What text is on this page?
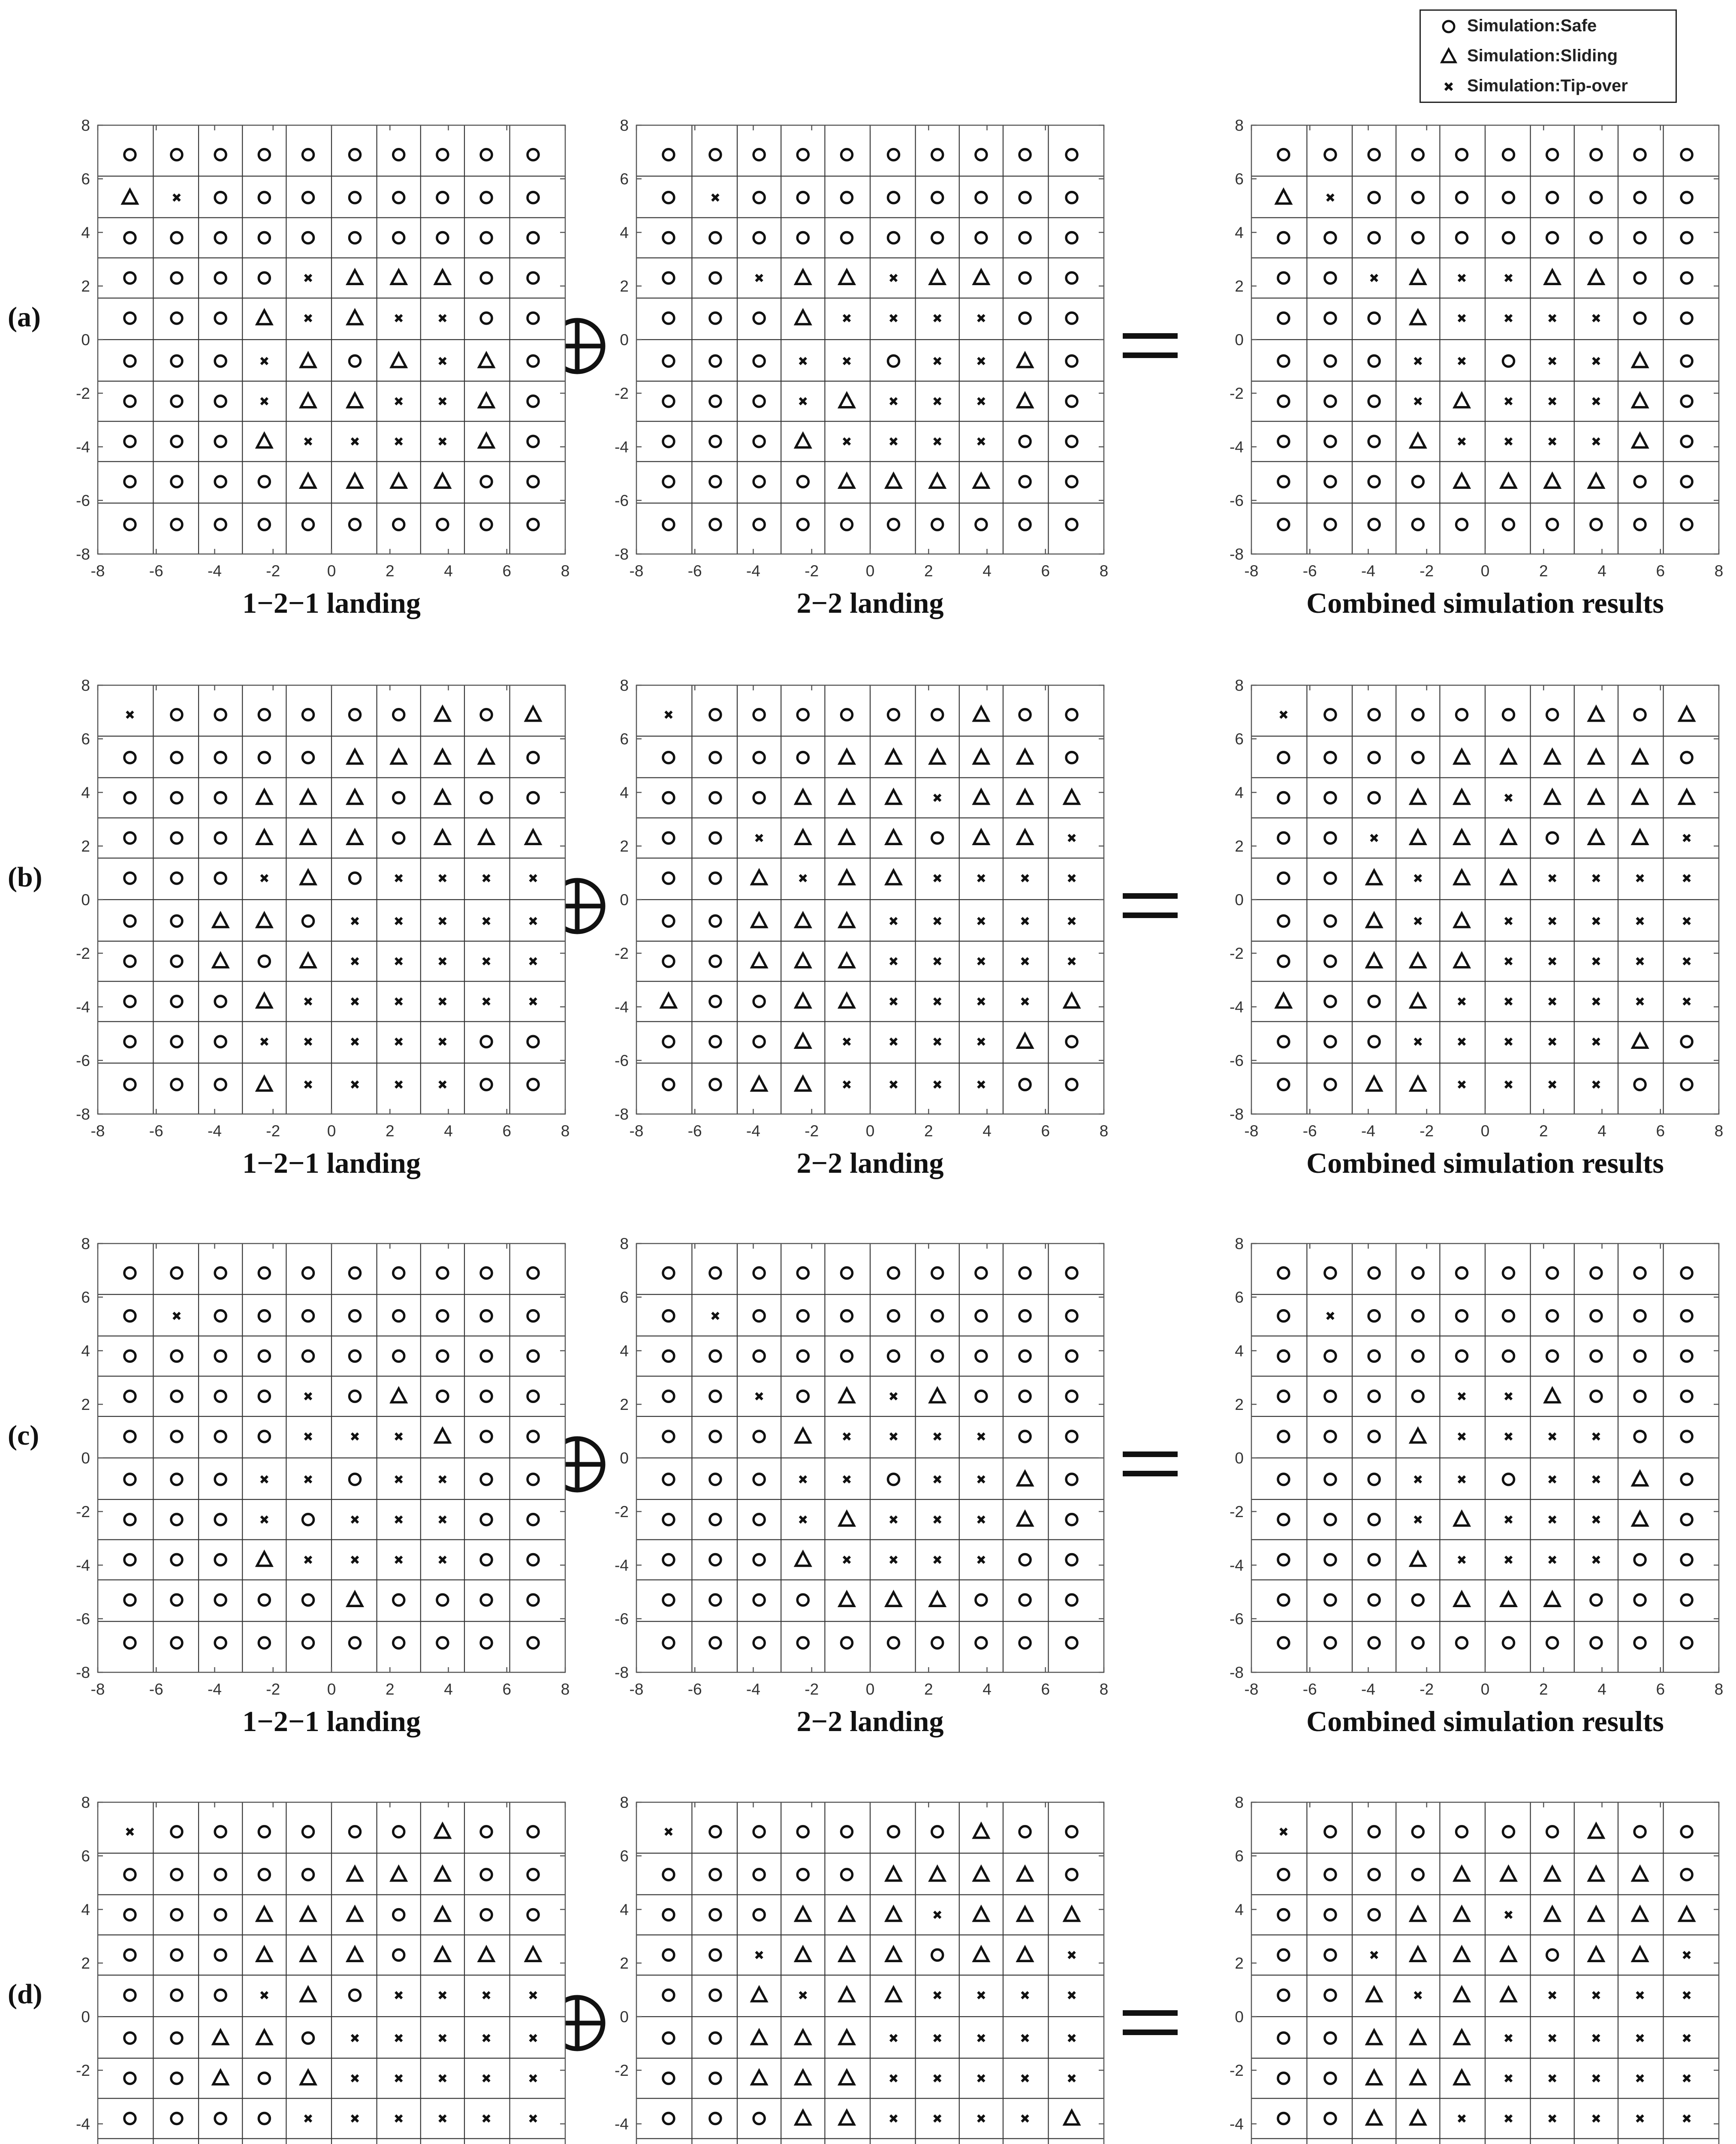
Simulation:Safe
Simulation:Sliding
Simulation:Tip-over
(a)
(b)
(c)
(d)
-8
-8
-6
-6
-4
-4
-2
-2
0
0
2
2
4
4
6
6
8
8
1−2−1 landing
-8
-8
-6
-6
-4
-4
-2
-2
0
0
2
2
4
4
6
6
8
8
2−2 landing
-8
-8
-6
-6
-4
-4
-2
-2
0
0
2
2
4
4
6
6
8
8
Combined simulation results
-8
-8
-6
-6
-4
-4
-2
-2
0
0
2
2
4
4
6
6
8
8
1−2−1 landing
-8
-8
-6
-6
-4
-4
-2
-2
0
0
2
2
4
4
6
6
8
8
2−2 landing
-8
-8
-6
-6
-4
-4
-2
-2
0
0
2
2
4
4
6
6
8
8
Combined simulation results
-8
-8
-6
-6
-4
-4
-2
-2
0
0
2
2
4
4
6
6
8
8
1−2−1 landing
-8
-8
-6
-6
-4
-4
-2
-2
0
0
2
2
4
4
6
6
8
8
2−2 landing
-8
-8
-6
-6
-4
-4
-2
-2
0
0
2
2
4
4
6
6
8
8
Combined simulation results
-4
-2
0
2
4
6
8
-4
-2
0
2
4
6
8
-4
-2
0
2
4
6
8
